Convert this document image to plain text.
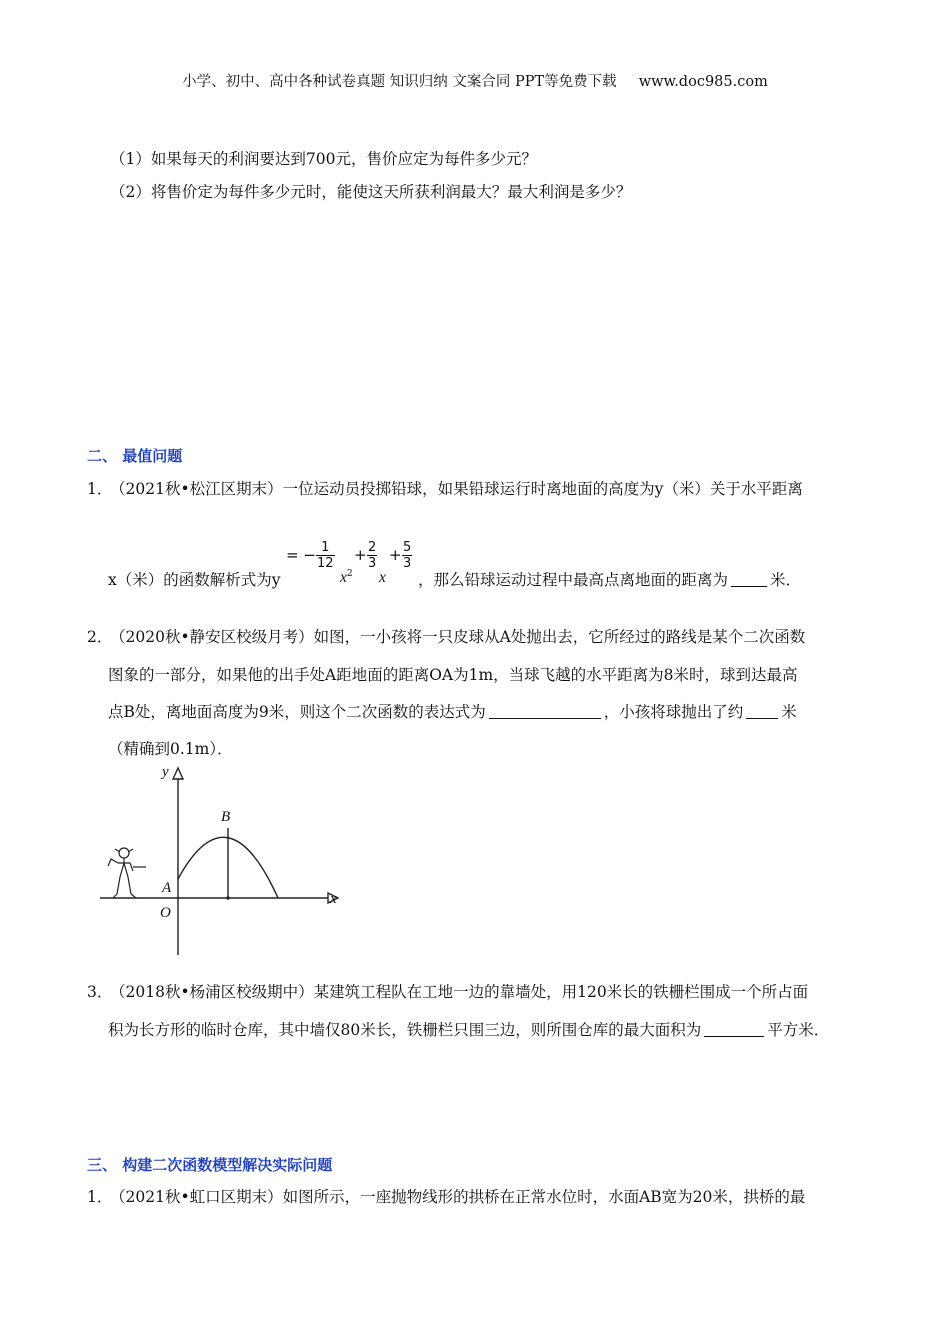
小学、初中、高中各种试卷真题 知识归纳 文案合同 PPT等免费下载 www.doc985.com
（1）如果每天的利润要达到700元，售价应定为每件多少元？
（2）将售价定为每件多少元时，能使这天所获利润最大？最大利润是多少？
二、 最值问题
1．
（2021秋•松江区期末）一位运动员投掷铅球，如果铅球运行时离地面的高度为y（米）关于水平距离
x（米）的函数解析式为y
= − $\frac{1}{12}$
$x^2$
+ $\frac{2}{3}$
x
+ $\frac{5}{3}$
，那么铅球运动过程中最高点离地面的距离为	米．
2．
（2020秋•静安区校级月考）如图，一小孩将一只皮球从A处抛出去，它所经过的路线是某个二次函数
图象的一部分，如果他的出手处A距地面的距离OA为1m，当球飞越的水平距离为8米时，球到达最高
点B处，离地面高度为9米，则这个二次函数的表达式为	，小孩将球抛出了约 米
（精确到0.1m）．
y
x
B
A
O
3．
（2018秋•杨浦区校级期中）某建筑工程队在工地一边的靠墙处，用120米长的铁栅栏围成一个所占面
积为长方形的临时仓库，其中墙仅80米长，铁栅栏只围三边，则所围仓库的最大面积为	平方米．
三、 构建二次函数模型解决实际问题
1．
（2021秋•虹口区期末）如图所示，一座抛物线形的拱桥在正常水位时，水面AB宽为20米，拱桥的最
